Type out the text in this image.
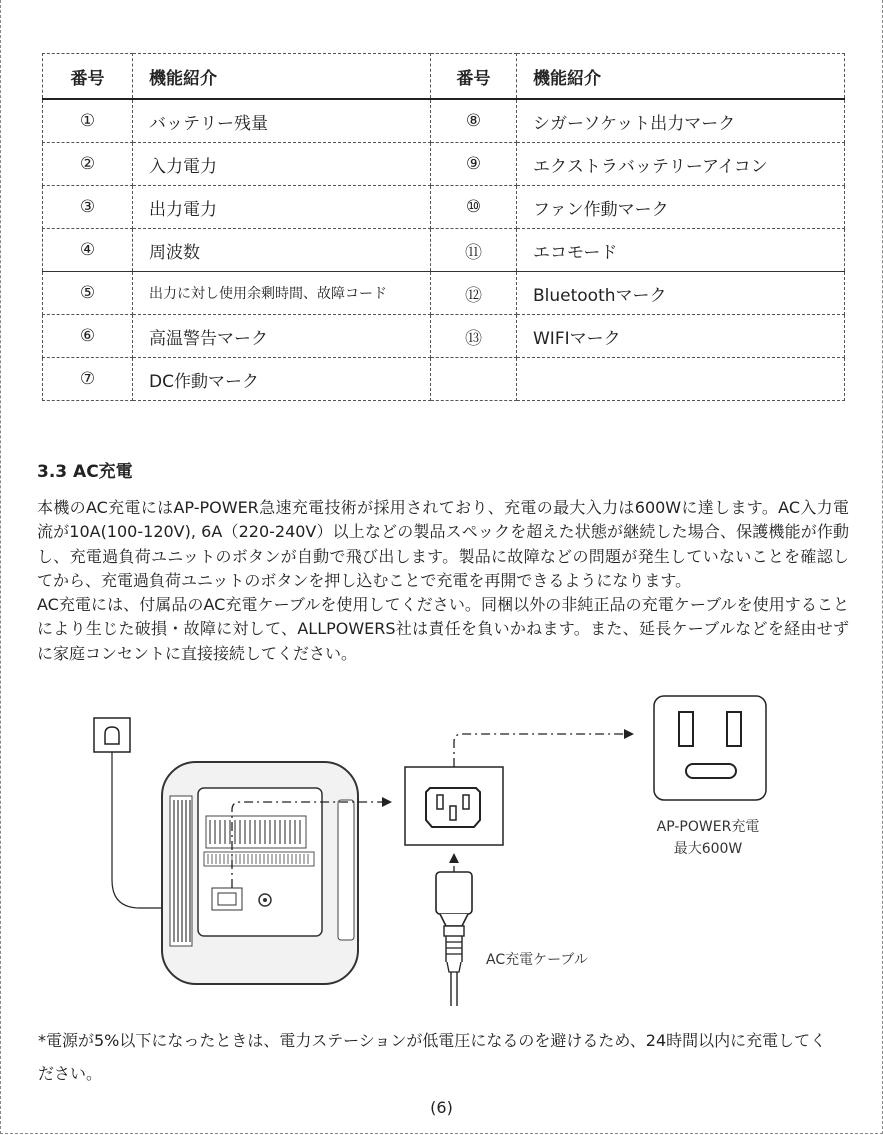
番号	機能紹介	番号	機能紹介
①	バッテリー残量	⑧	シガーソケット出力マーク
②	入力電力	⑨	エクストラバッテリーアイコン
③	出力電力	⑩	ファン作動マーク
④	周波数	⑪	エコモード
⑤	出力に対し使用余剰時間、故障コード	⑫	Bluetoothマーク
⑥	高温警告マーク	⑬	WIFIマーク
⑦	DC作動マーク		
3.3 AC充電

本機のAC充電にはAP-POWER急速充電技術が採用されており、充電の最大入力は600Wに達します。AC入力電流が10A(100-120V), 6A（220-240V）以上などの製品スペックを超えた状態が継続した場合、保護機能が作動し、充電過負荷ユニットのボタンが自動で飛び出します。製品に故障などの問題が発生していないことを確認してから、充電過負荷ユニットのボタンを押し込むことで充電を再開できるようになります。

AC充電には、付属品のAC充電ケーブルを使用してください。同梱以外の非純正品の充電ケーブルを使用することにより生じた破損・故障に対して、ALLPOWERS社は責任を負いかねます。また、延長ケーブルなどを経由せずに家庭コンセントに直接接続してください。

AP-POWER充電
最大600W
AC充電ケーブル

*電源が5%以下になったときは、電力ステーションが低電圧になるのを避けるため、24時間以内に充電してください。

(6)
